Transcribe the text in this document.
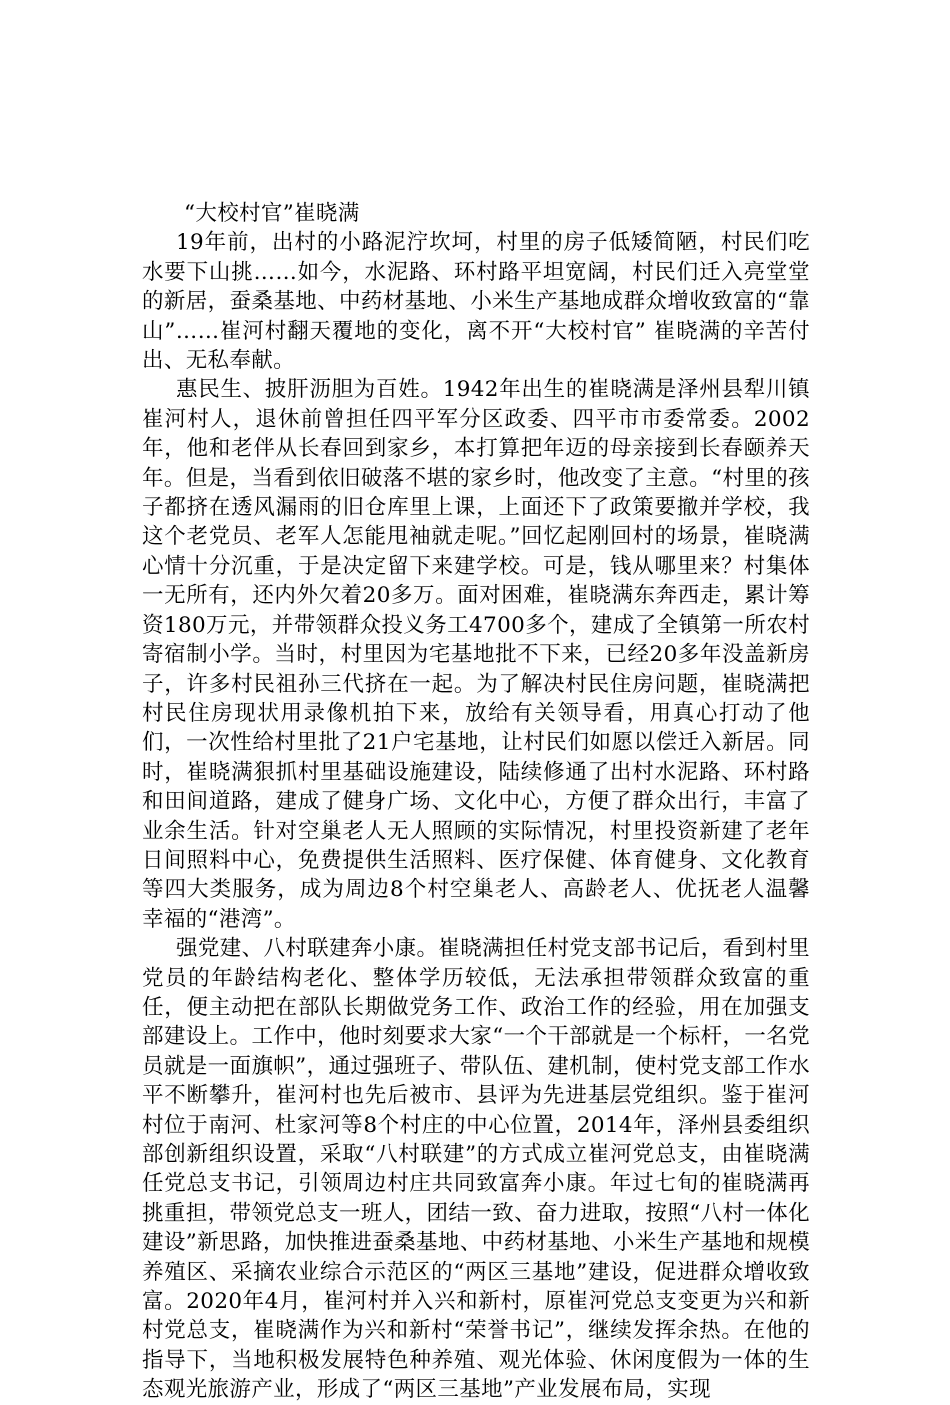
“大校村官”崔晓满

19年前，出村的小路泥泞坎坷，村里的房子低矮简陋，村民们吃水要下山挑……如今，水泥路、环村路平坦宽阔，村民们迁入亮堂堂的新居，蚕桑基地、中药材基地、小米生产基地成群众增收致富的“靠山”……崔河村翻天覆地的变化，离不开“大校村官” 崔晓满的辛苦付出、无私奉献。

惠民生、披肝沥胆为百姓。1942年出生的崔晓满是泽州县犁川镇崔河村人，退休前曾担任四平军分区政委、四平市市委常委。2002年，他和老伴从长春回到家乡，本打算把年迈的母亲接到长春颐养天年。但是，当看到依旧破落不堪的家乡时，他改变了主意。“村里的孩子都挤在透风漏雨的旧仓库里上课，上面还下了政策要撤并学校，我这个老党员、老军人怎能甩袖就走呢。”回忆起刚回村的场景，崔晓满心情十分沉重，于是决定留下来建学校。可是，钱从哪里来？村集体一无所有，还内外欠着20多万。面对困难，崔晓满东奔西走，累计筹资180万元，并带领群众投义务工4700多个，建成了全镇第一所农村寄宿制小学。当时，村里因为宅基地批不下来，已经20多年没盖新房子，许多村民祖孙三代挤在一起。为了解决村民住房问题，崔晓满把村民住房现状用录像机拍下来，放给有关领导看，用真心打动了他们，一次性给村里批了21户宅基地，让村民们如愿以偿迁入新居。同时，崔晓满狠抓村里基础设施建设，陆续修通了出村水泥路、环村路和田间道路，建成了健身广场、文化中心，方便了群众出行，丰富了业余生活。针对空巢老人无人照顾的实际情况，村里投资新建了老年日间照料中心，免费提供生活照料、医疗保健、体育健身、文化教育等四大类服务，成为周边8个村空巢老人、高龄老人、优抚老人温馨幸福的“港湾”。

强党建、八村联建奔小康。崔晓满担任村党支部书记后，看到村里党员的年龄结构老化、整体学历较低，无法承担带领群众致富的重任，便主动把在部队长期做党务工作、政治工作的经验，用在加强支部建设上。工作中，他时刻要求大家“一个干部就是一个标杆，一名党员就是一面旗帜”，通过强班子、带队伍、建机制，使村党支部工作水平不断攀升，崔河村也先后被市、县评为先进基层党组织。鉴于崔河村位于南河、杜家河等8个村庄的中心位置，2014年，泽州县委组织部创新组织设置，采取“八村联建”的方式成立崔河党总支，由崔晓满任党总支书记，引领周边村庄共同致富奔小康。年过七旬的崔晓满再挑重担，带领党总支一班人，团结一致、奋力进取，按照“八村一体化建设”新思路，加快推进蚕桑基地、中药材基地、小米生产基地和规模养殖区、采摘农业综合示范区的“两区三基地”建设，促进群众增收致富。2020年4月，崔河村并入兴和新村，原崔河党总支变更为兴和新村党总支，崔晓满作为兴和新村“荣誉书记”，继续发挥余热。在他的指导下，当地积极发展特色种养殖、观光体验、休闲度假为一体的生态观光旅游产业，形成了“两区三基地”产业发展布局，实现
